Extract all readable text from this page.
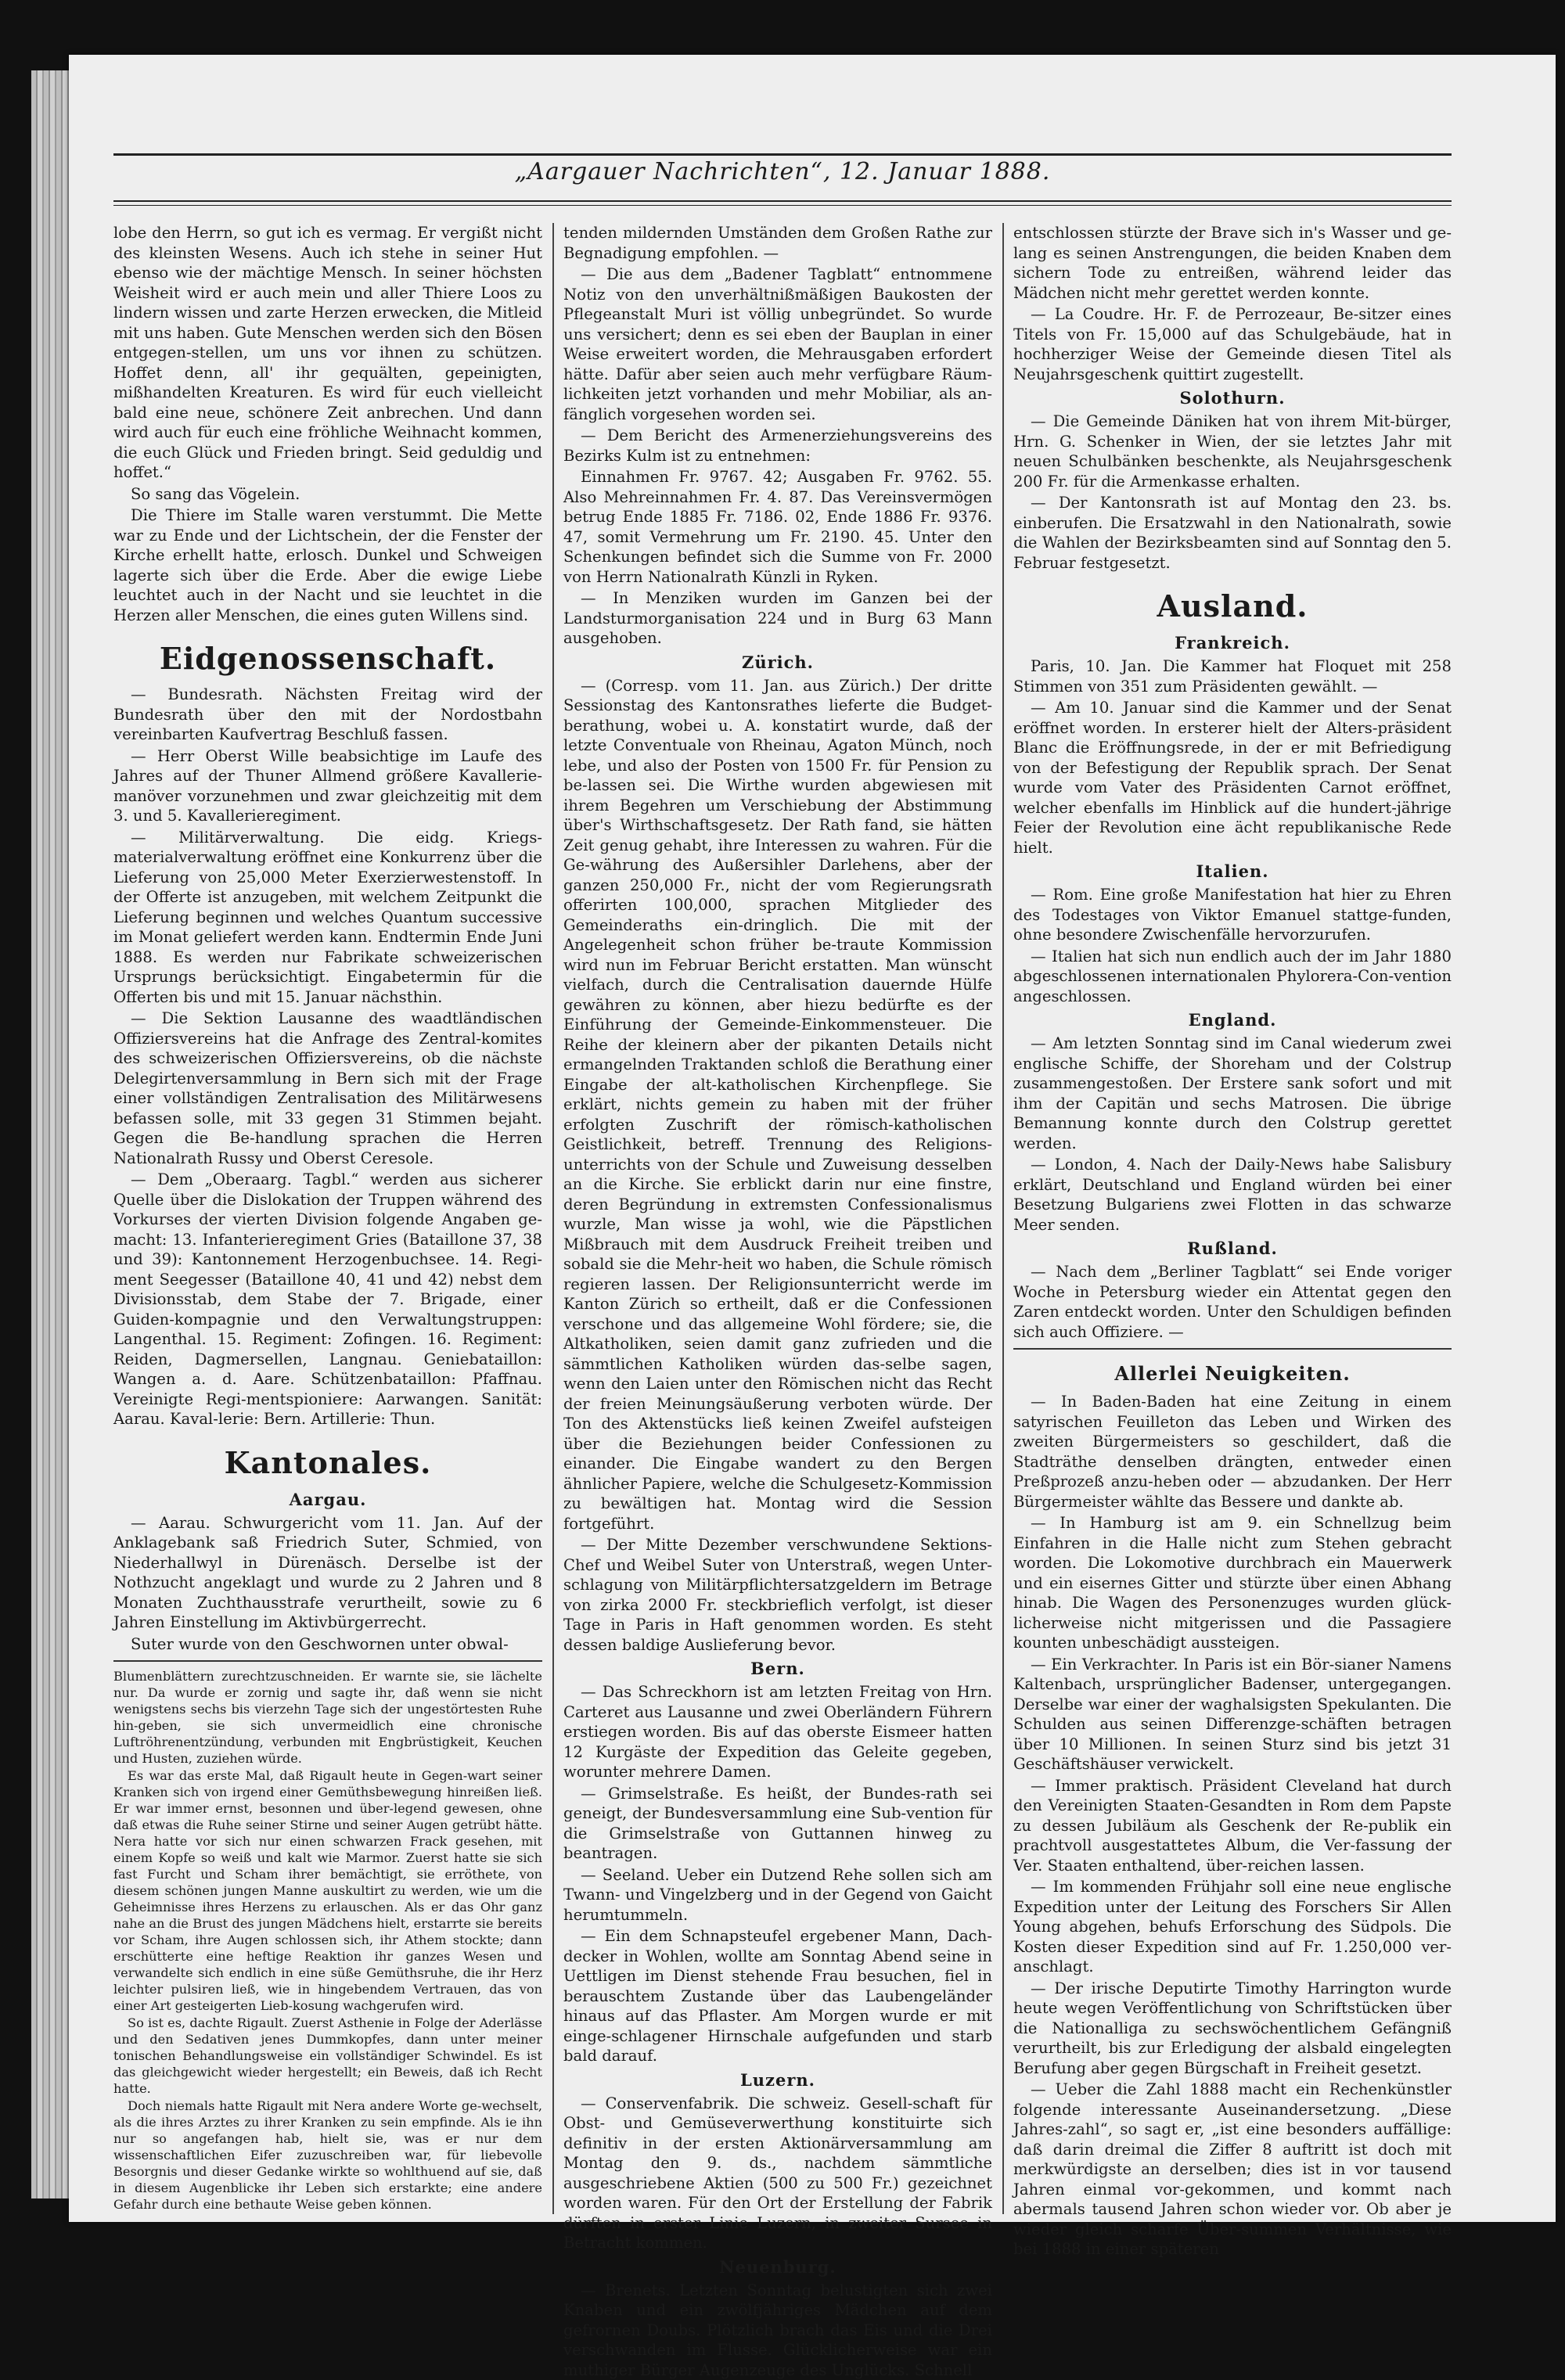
„Aargauer Nachrichten“, 12. Januar 1888.

lobe den Herrn, so gut ich es vermag. Er vergißt nicht des kleinsten Wesens. Auch ich stehe in seiner Hut ebenso wie der mächtige Mensch. In seiner höchsten Weisheit wird er auch mein und aller Thiere Loos zu lindern wissen und zarte Herzen erwecken, die Mitleid mit uns haben. Gute Menschen werden sich den Bösen entgegen-stellen, um uns vor ihnen zu schützen. Hoffet denn, all' ihr gequälten, gepeinigten, mißhandelten Kreaturen. Es wird für euch vielleicht bald eine neue, schönere Zeit anbrechen. Und dann wird auch für euch eine fröhliche Weihnacht kommen, die euch Glück und Frieden bringt. Seid geduldig und hoffet.“

So sang das Vögelein.

Die Thiere im Stalle waren verstummt. Die Mette war zu Ende und der Lichtschein, der die Fenster der Kirche erhellt hatte, erlosch. Dunkel und Schweigen lagerte sich über die Erde. Aber die ewige Liebe leuchtet auch in der Nacht und sie leuchtet in die Herzen aller Menschen, die eines guten Willens sind.

Eidgenossenschaft.

— Bundesrath. Nächsten Freitag wird der Bundesrath über den mit der Nordostbahn vereinbarten Kaufvertrag Beschluß fassen.

— Herr Oberst Wille beabsichtige im Laufe des Jahres auf der Thuner Allmend größere Kavallerie-manöver vorzunehmen und zwar gleichzeitig mit dem 3. und 5. Kavallerieregiment.

— Militärverwaltung. Die eidg. Kriegs-materialverwaltung eröffnet eine Konkurrenz über die Lieferung von 25,000 Meter Exerzierwestenstoff. In der Offerte ist anzugeben, mit welchem Zeitpunkt die Lieferung beginnen und welches Quantum successive im Monat geliefert werden kann. Endtermin Ende Juni 1888. Es werden nur Fabrikate schweizerischen Ursprungs berücksichtigt. Eingabetermin für die Offerten bis und mit 15. Januar nächsthin.

— Die Sektion Lausanne des waadtländischen Offiziersvereins hat die Anfrage des Zentral-komites des schweizerischen Offiziersvereins, ob die nächste Delegirtenversammlung in Bern sich mit der Frage einer vollständigen Zentralisation des Militärwesens befassen solle, mit 33 gegen 31 Stimmen bejaht. Gegen die Be-handlung sprachen die Herren Nationalrath Russy und Oberst Ceresole.

— Dem „Oberaarg. Tagbl.“ werden aus sicherer Quelle über die Dislokation der Truppen während des Vorkurses der vierten Division folgende Angaben ge-macht: 13. Infanterieregiment Gries (Bataillone 37, 38 und 39): Kantonnement Herzogenbuchsee. 14. Regi-ment Seegesser (Bataillone 40, 41 und 42) nebst dem Divisionsstab, dem Stabe der 7. Brigade, einer Guiden-kompagnie und den Verwaltungstruppen: Langenthal. 15. Regiment: Zofingen. 16. Regiment: Reiden, Dagmersellen, Langnau. Geniebataillon: Wangen a. d. Aare. Schützenbataillon: Pfaffnau. Vereinigte Regi-mentspioniere: Aarwangen. Sanität: Aarau. Kaval-lerie: Bern. Artillerie: Thun.

Kantonales.
Aargau.

— Aarau. Schwurgericht vom 11. Jan. Auf der Anklagebank saß Friedrich Suter, Schmied, von Niederhallwyl in Dürenäsch. Derselbe ist der Nothzucht angeklagt und wurde zu 2 Jahren und 8 Monaten Zuchthausstrafe verurtheilt, sowie zu 6 Jahren Einstellung im Aktivbürgerrecht.

Suter wurde von den Geschwornen unter obwal-

Blumenblättern zurechtzuschneiden. Er warnte sie, sie lächelte nur. Da wurde er zornig und sagte ihr, daß wenn sie nicht wenigstens sechs bis vierzehn Tage sich der ungestörtesten Ruhe hin-geben, sie sich unvermeidlich eine chronische Luftröhrenentzündung, verbunden mit Engbrüstigkeit, Keuchen und Husten, zuziehen würde.

Es war das erste Mal, daß Rigault heute in Gegen-wart seiner Kranken sich von irgend einer Gemüthsbewegung hinreißen ließ. Er war immer ernst, besonnen und über-legend gewesen, ohne daß etwas die Ruhe seiner Stirne und seiner Augen getrübt hätte. Nera hatte vor sich nur einen schwarzen Frack gesehen, mit einem Kopfe so weiß und kalt wie Marmor. Zuerst hatte sie sich fast Furcht und Scham ihrer bemächtigt, sie erröthete, von diesem schönen jungen Manne auskultirt zu werden, wie um die Geheimnisse ihres Herzens zu erlauschen. Als er das Ohr ganz nahe an die Brust des jungen Mädchens hielt, erstarrte sie bereits vor Scham, ihre Augen schlossen sich, ihr Athem stockte; dann erschütterte eine heftige Reaktion ihr ganzes Wesen und verwandelte sich endlich in eine süße Gemüthsruhe, die ihr Herz leichter pulsiren ließ, wie in hingebendem Vertrauen, das von einer Art gesteigerten Lieb-kosung wachgerufen wird.

So ist es, dachte Rigault. Zuerst Asthenie in Folge der Aderlässe und den Sedativen jenes Dummkopfes, dann unter meiner tonischen Behandlungsweise ein vollständiger Schwindel. Es ist das gleichgewicht wieder hergestellt; ein Beweis, daß ich Recht hatte.

Doch niemals hatte Rigault mit Nera andere Worte ge-wechselt, als die ihres Arztes zu ihrer Kranken zu sein empfinde. Als ie ihn nur so angefangen hab, hielt sie, was er nur dem wissenschaftlichen Eifer zuzuschreiben war, für liebevolle Besorgnis und dieser Gedanke wirkte so wohlthuend auf sie, daß in diesem Augenblicke ihr Leben sich erstarkte; eine andere Gefahr durch eine bethaute Weise geben können.

tenden mildernden Umständen dem Großen Rathe zur Begnadigung empfohlen. —

— Die aus dem „Badener Tagblatt“ entnommene Notiz von den unverhältnißmäßigen Baukosten der Pflegeanstalt Muri ist völlig unbegründet. So wurde uns versichert; denn es sei eben der Bauplan in einer Weise erweitert worden, die Mehrausgaben erfordert hätte. Dafür aber seien auch mehr verfügbare Räum-lichkeiten jetzt vorhanden und mehr Mobiliar, als an-fänglich vorgesehen worden sei.

— Dem Bericht des Armenerziehungsvereins des Bezirks Kulm ist zu entnehmen:

Einnahmen Fr. 9767. 42; Ausgaben Fr. 9762. 55. Also Mehreinnahmen Fr. 4. 87. Das Vereinsvermögen betrug Ende 1885 Fr. 7186. 02, Ende 1886 Fr. 9376. 47, somit Vermehrung um Fr. 2190. 45. Unter den Schenkungen befindet sich die Summe von Fr. 2000 von Herrn Nationalrath Künzli in Ryken.

— In Menziken wurden im Ganzen bei der Landsturmorganisation 224 und in Burg 63 Mann ausgehoben.

Zürich.

— (Corresp. vom 11. Jan. aus Zürich.) Der dritte Sessionstag des Kantonsrathes lieferte die Budget-berathung, wobei u. A. konstatirt wurde, daß der letzte Conventuale von Rheinau, Agaton Münch, noch lebe, und also der Posten von 1500 Fr. für Pension zu be-lassen sei. Die Wirthe wurden abgewiesen mit ihrem Begehren um Verschiebung der Abstimmung über's Wirthschaftsgesetz. Der Rath fand, sie hätten Zeit genug gehabt, ihre Interessen zu wahren. Für die Ge-währung des Außersihler Darlehens, aber der ganzen 250,000 Fr., nicht der vom Regierungsrath offerirten 100,000, sprachen Mitglieder des Gemeinderaths ein-dringlich. Die mit der Angelegenheit schon früher be-traute Kommission wird nun im Februar Bericht erstatten. Man wünscht vielfach, durch die Centralisation dauernde Hülfe gewähren zu können, aber hiezu bedürfte es der Einführung der Gemeinde-Einkommensteuer. Die Reihe der kleinern aber der pikanten Details nicht ermangelnden Traktanden schloß die Berathung einer Eingabe der alt-katholischen Kirchenpflege. Sie erklärt, nichts gemein zu haben mit der früher erfolgten Zuschrift der römisch-katholischen Geistlichkeit, betreff. Trennung des Religions-unterrichts von der Schule und Zuweisung desselben an die Kirche. Sie erblickt darin nur eine finstre, deren Begründung in extremsten Confessionalismus wurzle, Man wisse ja wohl, wie die Päpstlichen Mißbrauch mit dem Ausdruck Freiheit treiben und sobald sie die Mehr-heit wo haben, die Schule römisch regieren lassen. Der Religionsunterricht werde im Kanton Zürich so ertheilt, daß er die Confessionen verschone und das allgemeine Wohl fördere; sie, die Altkatholiken, seien damit ganz zufrieden und die sämmtlichen Katholiken würden das-selbe sagen, wenn den Laien unter den Römischen nicht das Recht der freien Meinungsäußerung verboten würde. Der Ton des Aktenstücks ließ keinen Zweifel aufsteigen über die Beziehungen beider Confessionen zu einander. Die Eingabe wandert zu den Bergen ähnlicher Papiere, welche die Schulgesetz-Kommission zu bewältigen hat. Montag wird die Session fortgeführt.

— Der Mitte Dezember verschwundene Sektions-Chef und Weibel Suter von Unterstraß, wegen Unter-schlagung von Militärpflichtersatzgeldern im Betrage von zirka 2000 Fr. steckbrieflich verfolgt, ist dieser Tage in Paris in Haft genommen worden. Es steht dessen baldige Auslieferung bevor.

Bern.

— Das Schreckhorn ist am letzten Freitag von Hrn. Carteret aus Lausanne und zwei Oberländern Führern erstiegen worden. Bis auf das oberste Eismeer hatten 12 Kurgäste der Expedition das Geleite gegeben, worunter mehrere Damen.

— Grimselstraße. Es heißt, der Bundes-rath sei geneigt, der Bundesversammlung eine Sub-vention für die Grimselstraße von Guttannen hinweg zu beantragen.

— Seeland. Ueber ein Dutzend Rehe sollen sich am Twann- und Vingelzberg und in der Gegend von Gaicht herumtummeln.

— Ein dem Schnapsteufel ergebener Mann, Dach-decker in Wohlen, wollte am Sonntag Abend seine in Uettligen im Dienst stehende Frau besuchen, fiel in berauschtem Zustande über das Laubengeländer hinaus auf das Pflaster. Am Morgen wurde er mit einge-schlagener Hirnschale aufgefunden und starb bald darauf.

Luzern.

— Conservenfabrik. Die schweiz. Gesell-schaft für Obst- und Gemüseverwerthung konstituirte sich definitiv in der ersten Aktionärversammlung am Montag den 9. ds., nachdem sämmtliche ausgeschriebene Aktien (500 zu 500 Fr.) gezeichnet worden waren. Für den Ort der Erstellung der Fabrik dürften in erster Linie Luzern, in zweiter Sursee in Betracht kommen.

Neuenburg.

— Brenets. Letzten Sonntag belustigten sich zwei Knaben und ein zwölfjähriges Mädchen auf dem gefrornen Doubs. Plötzlich brach das Eis und die Drei verschwanden im Flusse. Glücklicherweise war ein muthiger Bürger Augenzeuge des Unglücks. Schnell

entschlossen stürzte der Brave sich in's Wasser und ge-lang es seinen Anstrengungen, die beiden Knaben dem sichern Tode zu entreißen, während leider das Mädchen nicht mehr gerettet werden konnte.

— La Coudre. Hr. F. de Perrozeaur, Be-sitzer eines Titels von Fr. 15,000 auf das Schulgebäude, hat in hochherziger Weise der Gemeinde diesen Titel als Neujahrsgeschenk quittirt zugestellt.

Solothurn.

— Die Gemeinde Däniken hat von ihrem Mit-bürger, Hrn. G. Schenker in Wien, der sie letztes Jahr mit neuen Schulbänken beschenkte, als Neujahrsgeschenk 200 Fr. für die Armenkasse erhalten.

— Der Kantonsrath ist auf Montag den 23. bs. einberufen. Die Ersatzwahl in den Nationalrath, sowie die Wahlen der Bezirksbeamten sind auf Sonntag den 5. Februar festgesetzt.

Ausland.
Frankreich.

Paris, 10. Jan. Die Kammer hat Floquet mit 258 Stimmen von 351 zum Präsidenten gewählt. —

— Am 10. Januar sind die Kammer und der Senat eröffnet worden. In ersterer hielt der Alters-präsident Blanc die Eröffnungsrede, in der er mit Befriedigung von der Befestigung der Republik sprach. Der Senat wurde vom Vater des Präsidenten Carnot eröffnet, welcher ebenfalls im Hinblick auf die hundert-jährige Feier der Revolution eine ächt republikanische Rede hielt.

Italien.

— Rom. Eine große Manifestation hat hier zu Ehren des Todestages von Viktor Emanuel stattge-funden, ohne besondere Zwischenfälle hervorzurufen.

— Italien hat sich nun endlich auch der im Jahr 1880 abgeschlossenen internationalen Phylorera-Con-vention angeschlossen.

England.

— Am letzten Sonntag sind im Canal wiederum zwei englische Schiffe, der Shoreham und der Colstrup zusammengestoßen. Der Erstere sank sofort und mit ihm der Capitän und sechs Matrosen. Die übrige Bemannung konnte durch den Colstrup gerettet werden.

— London, 4. Nach der Daily-News habe Salisbury erklärt, Deutschland und England würden bei einer Besetzung Bulgariens zwei Flotten in das schwarze Meer senden.

Rußland.

— Nach dem „Berliner Tagblatt“ sei Ende voriger Woche in Petersburg wieder ein Attentat gegen den Zaren entdeckt worden. Unter den Schuldigen befinden sich auch Offiziere. —

Allerlei Neuigkeiten.

— In Baden-Baden hat eine Zeitung in einem satyrischen Feuilleton das Leben und Wirken des zweiten Bürgermeisters so geschildert, daß die Stadträthe denselben drängten, entweder einen Preßprozeß anzu-heben oder — abzudanken. Der Herr Bürgermeister wählte das Bessere und dankte ab.

— In Hamburg ist am 9. ein Schnellzug beim Einfahren in die Halle nicht zum Stehen gebracht worden. Die Lokomotive durchbrach ein Mauerwerk und ein eisernes Gitter und stürzte über einen Abhang hinab. Die Wagen des Personenzuges wurden glück-licherweise nicht mitgerissen und die Passagiere kounten unbeschädigt aussteigen.

— Ein Verkrachter. In Paris ist ein Bör-sianer Namens Kaltenbach, ursprünglicher Badenser, untergegangen. Derselbe war einer der waghalsigsten Spekulanten. Die Schulden aus seinen Differenzge-schäften betragen über 10 Millionen. In seinen Sturz sind bis jetzt 31 Geschäftshäuser verwickelt.

— Immer praktisch. Präsident Cleveland hat durch den Vereinigten Staaten-Gesandten in Rom dem Papste zu dessen Jubiläum als Geschenk der Re-publik ein prachtvoll ausgestattetes Album, die Ver-fassung der Ver. Staaten enthaltend, über-reichen lassen.

— Im kommenden Frühjahr soll eine neue englische Expedition unter der Leitung des Forschers Sir Allen Young abgehen, behufs Erforschung des Südpols. Die Kosten dieser Expedition sind auf Fr. 1.250,000 ver-anschlagt.

— Der irische Deputirte Timothy Harrington wurde heute wegen Veröffentlichung von Schriftstücken über die Nationalliga zu sechswöchentlichem Gefängniß verurtheilt, bis zur Erledigung der alsbald eingelegten Berufung aber gegen Bürgschaft in Freiheit gesetzt.

— Ueber die Zahl 1888 macht ein Rechenkünstler folgende interessante Auseinandersetzung. „Diese Jahres-zahl“, so sagt er, „ist eine besonders auffällige: daß darin dreimal die Ziffer 8 auftritt ist doch mit merkwürdigste an derselben; dies ist in vor tausend Jahren einmal vor-gekommen, und kommt nach abermals tausend Jahren schon wieder vor. Ob aber je wieder gleich scharfe Über-summen Verhältnisse, wie bei 1888 in einer späteren
